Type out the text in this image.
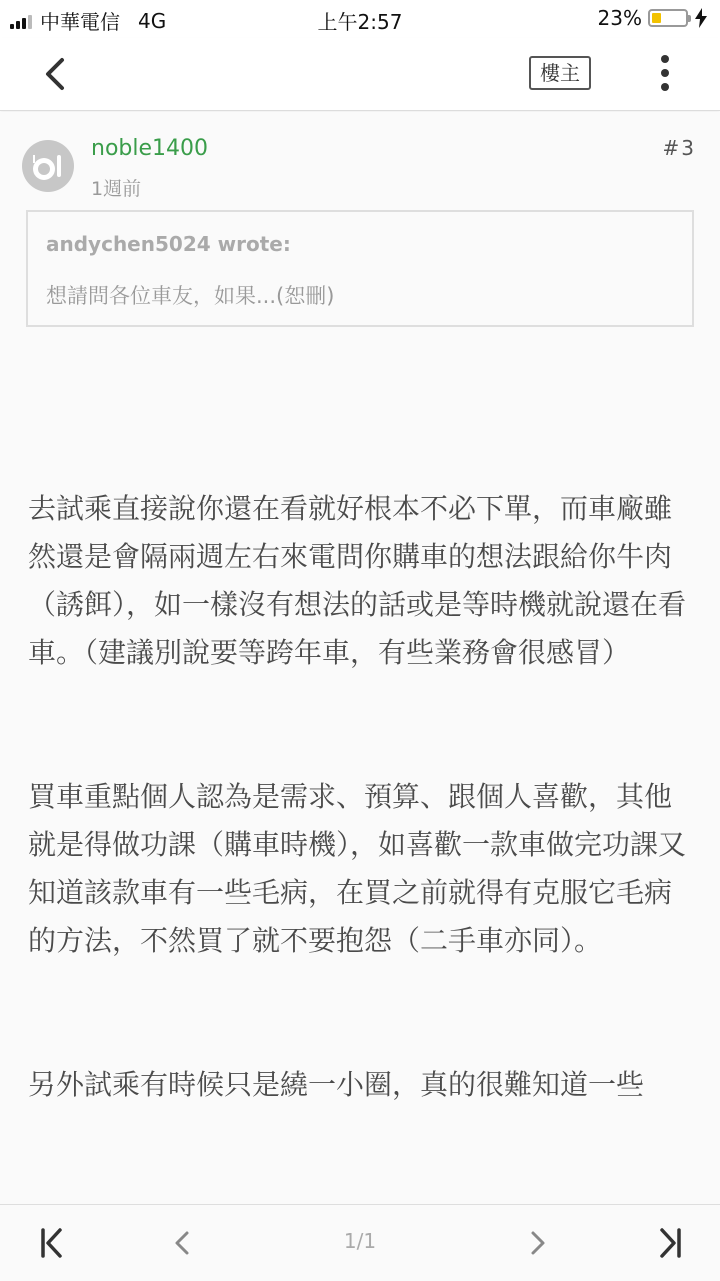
中華電信 4G	上午2:57	23%
樓主
noble1400
1週前
#3
andychen5024 wrote:
想請問各位車友，如果...(恕刪)

去試乘直接說你還在看就好根本不必下單，而車廠雖然還是會隔兩週左右來電問你購車的想法跟給你牛肉（誘餌），如一樣沒有想法的話或是等時機就說還在看車。（建議別說要等跨年車，有些業務會很感冒）

買車重點個人認為是需求、預算、跟個人喜歡，其他就是得做功課（購車時機），如喜歡一款車做完功課又知道該款車有一些毛病，在買之前就得有克服它毛病的方法，不然買了就不要抱怨（二手車亦同）。

另外試乘有時候只是繞一小圈，真的很難知道一些

1/1
